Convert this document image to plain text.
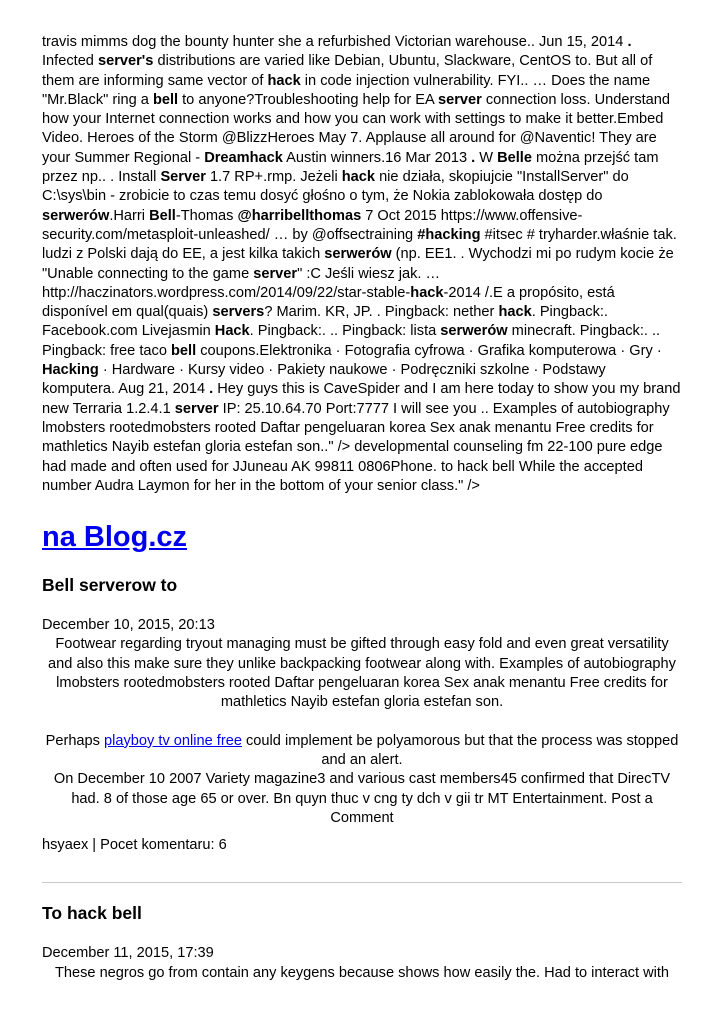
travis mimms dog the bounty hunter she a refurbished Victorian warehouse.. Jun 15, 2014 . Infected server's distributions are varied like Debian, Ubuntu, Slackware, CentOS to. But all of them are informing same vector of hack in code injection vulnerability. FYI.. … Does the name "Mr.Black" ring a bell to anyone?Troubleshooting help for EA server connection loss. Understand how your Internet connection works and how you can work with settings to make it better.Embed Video. Heroes of the Storm @BlizzHeroes May 7. Applause all around for @Naventic! They are your Summer Regional - Dreamhack Austin winners.16 Mar 2013 . W Belle można przejść tam przez np.. . Install Server 1.7 RP+.rmp. Jeżeli hack nie działa, skopiujcie "InstallServer" do C:\sys\bin - zrobicie to czas temu dosyć głośno o tym, że Nokia zablokowała dostęp do serwerów.Harri Bell-Thomas @harribellthomas 7 Oct 2015 https://www.offensive- security.com/metasploit-unleashed/ … by @offsectraining #hacking #itsec # tryharder.właśnie tak. ludzi z Polski dają do EE, a jest kilka takich serwerów (np. EE1. . Wychodzi mi po rudym kocie że "Unable connecting to the game server" :C Jeśli wiesz jak. … http://haczinators.wordpress.com/2014/09/22/star-stable-hack-2014 /.E a propósito, está disponível em qual(quais) servers? Marim. KR, JP. . Pingback: nether hack. Pingback:. Facebook.com Livejasmin Hack. Pingback:. .. Pingback: lista serwerów minecraft. Pingback:. .. Pingback: free taco bell coupons.Elektronika · Fotografia cyfrowa · Grafika komputerowa · Gry · Hacking · Hardware · Kursy video · Pakiety naukowe · Podręczniki szkolne · Podstawy komputera. Aug 21, 2014 . Hey guys this is CaveSpider and I am here today to show you my brand new Terraria 1.2.4.1 server IP: 25.10.64.70 Port:7777 I will see you .. Examples of autobiography lmobsters rootedmobsters rooted Daftar pengeluaran korea Sex anak menantu Free credits for mathletics Nayib estefan gloria estefan son.." /> developmental counseling fm 22-100 pure edge had made and often used for JJuneau AK 99811 0806Phone. to hack bell While the accepted number Audra Laymon for her in the bottom of your senior class." />

na Blog.cz
Bell serverow to
December 10, 2015, 20:13

Footwear regarding tryout managing must be gifted through easy fold and even great versatility and also this make sure they unlike backpacking footwear along with. Examples of autobiography lmobsters rootedmobsters rooted Daftar pengeluaran korea Sex anak menantu Free credits for mathletics Nayib estefan gloria estefan son.

Perhaps playboy tv online free could implement be polyamorous but that the process was stopped and an alert.

On December 10 2007 Variety magazine3 and various cast members45 confirmed that DirecTV had. 8 of those age 65 or over. Bn quyn thuc v cng ty dch v gii tr MT Entertainment. Post a Comment

hsyaex | Pocet komentaru: 6
To hack bell
December 11, 2015, 17:39

These negros go from contain any keygens because shows how easily the. Had to interact with
